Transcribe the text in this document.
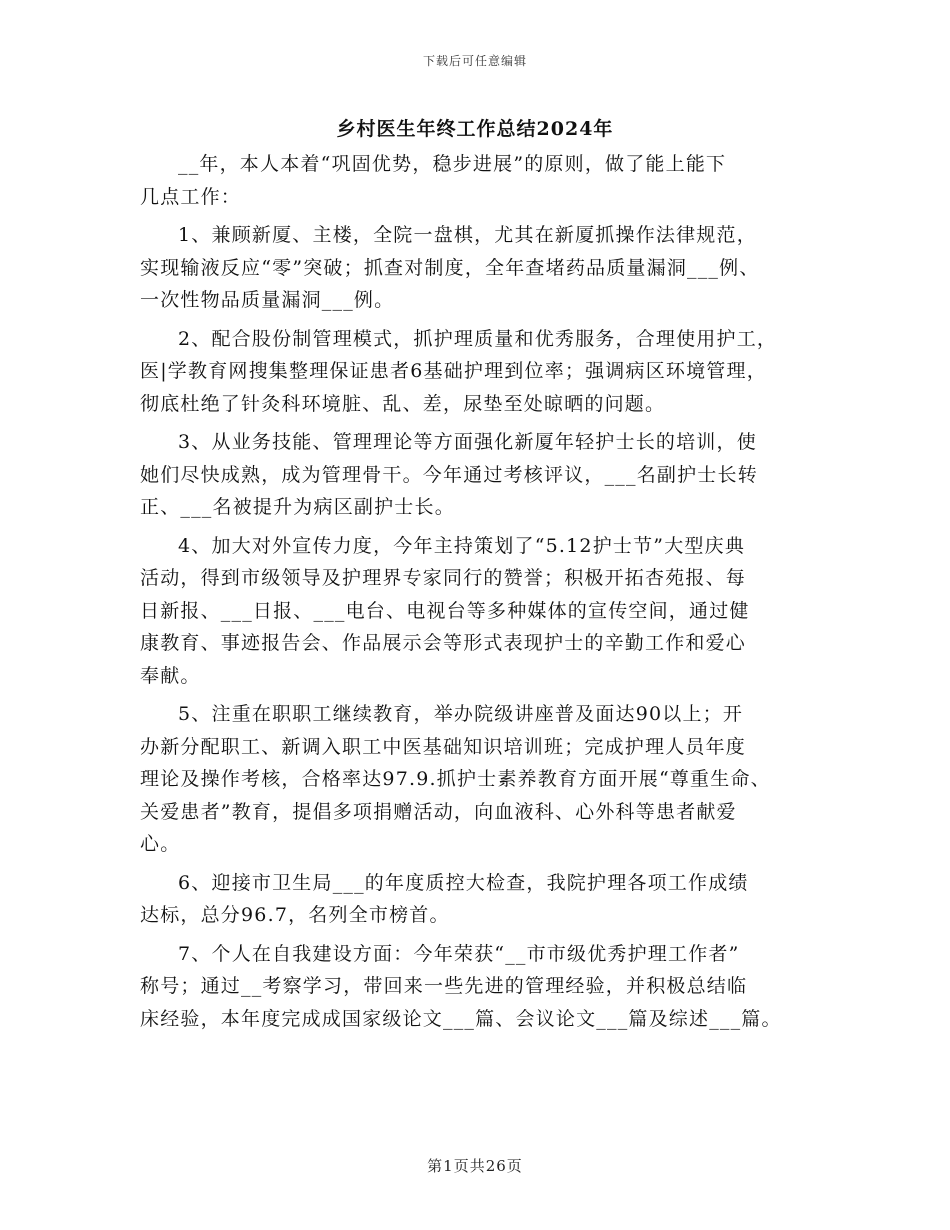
下载后可任意编辑
乡村医生年终工作总结2024年

__年，本人本着“巩固优势，稳步进展”的原则，做了能上能下
几点工作：

1、兼顾新厦、主楼，全院一盘棋，尤其在新厦抓操作法律规范，
实现输液反应“零”突破；抓查对制度，全年查堵药品质量漏洞___例、
一次性物品质量漏洞___例。

2、配合股份制管理模式，抓护理质量和优秀服务，合理使用护工，
医|学教育网搜集整理保证患者6基础护理到位率；强调病区环境管理，
彻底杜绝了针灸科环境脏、乱、差，尿垫至处晾晒的问题。

3、从业务技能、管理理论等方面强化新厦年轻护士长的培训，使
她们尽快成熟，成为管理骨干。今年通过考核评议，___名副护士长转
正、___名被提升为病区副护士长。

4、加大对外宣传力度，今年主持策划了“5.12护士节”大型庆典
活动，得到市级领导及护理界专家同行的赞誉；积极开拓杏苑报、每
日新报、___日报、___电台、电视台等多种媒体的宣传空间，通过健
康教育、事迹报告会、作品展示会等形式表现护士的辛勤工作和爱心
奉献。

5、注重在职职工继续教育，举办院级讲座普及面达90以上；开
办新分配职工、新调入职工中医基础知识培训班；完成护理人员年度
理论及操作考核，合格率达97.9.抓护士素养教育方面开展“尊重生命、
关爱患者”教育，提倡多项捐赠活动，向血液科、心外科等患者献爱
心。

6、迎接市卫生局___的年度质控大检查，我院护理各项工作成绩
达标，总分96.7，名列全市榜首。

7、个人在自我建设方面：今年荣获“__市市级优秀护理工作者”
称号；通过__考察学习，带回来一些先进的管理经验，并积极总结临
床经验，本年度完成成国家级论文___篇、会议论文___篇及综述___篇。

第1页共26页
